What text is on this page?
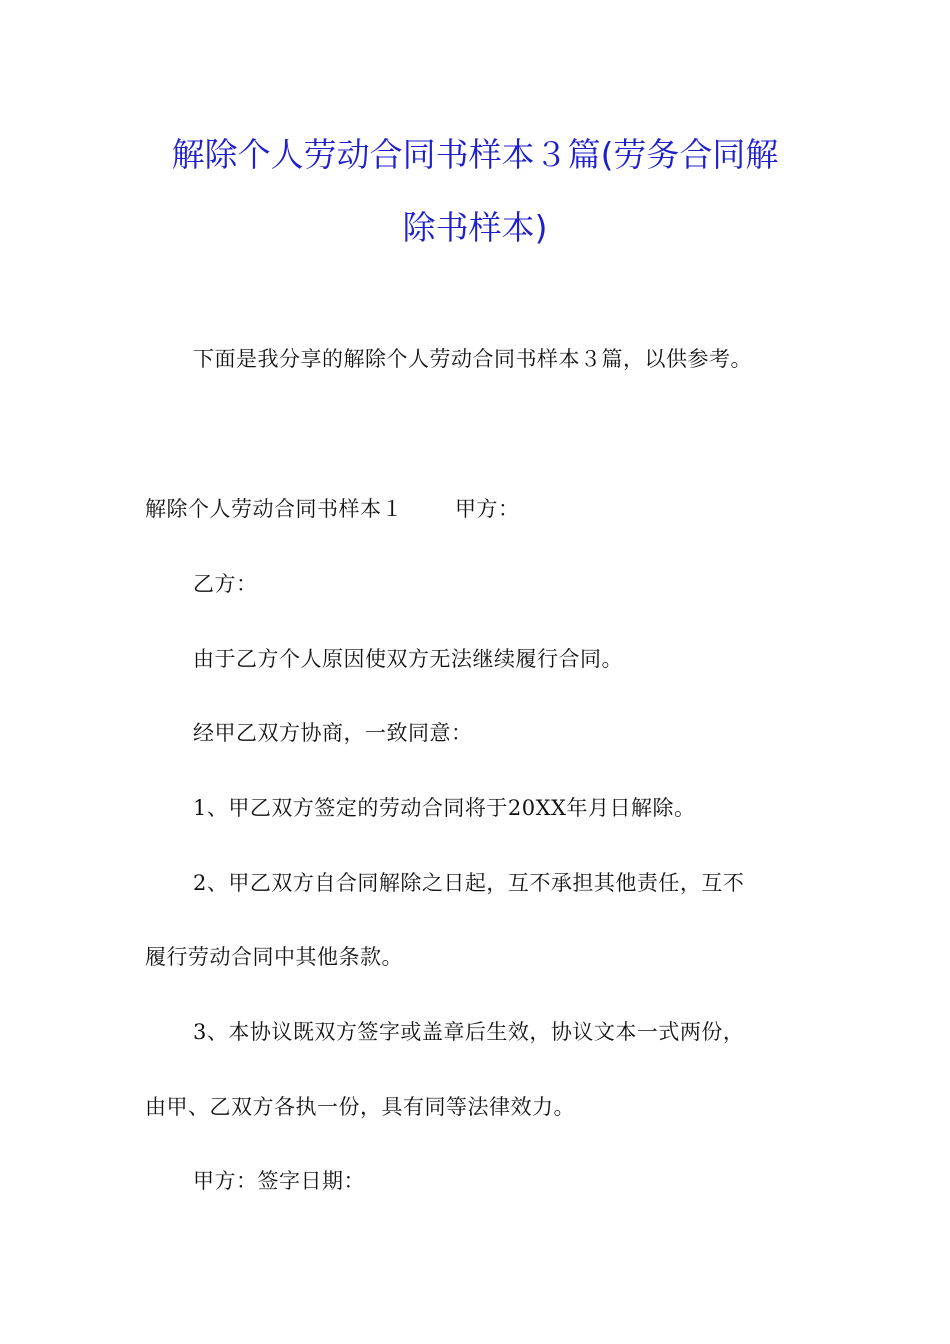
解除个人劳动合同书样本３篇(劳务合同解
除书样本)
下面是我分享的解除个人劳动合同书样本３篇，以供参考。
解除个人劳动合同书样本１ 甲方：
乙方：
由于乙方个人原因使双方无法继续履行合同。
经甲乙双方协商，一致同意：
1、甲乙双方签定的劳动合同将于20XX年月日解除。
2、甲乙双方自合同解除之日起，互不承担其他责任，互不
履行劳动合同中其他条款。
3、本协议既双方签字或盖章后生效，协议文本一式两份，
由甲、乙双方各执一份，具有同等法律效力。
甲方：签字日期：
